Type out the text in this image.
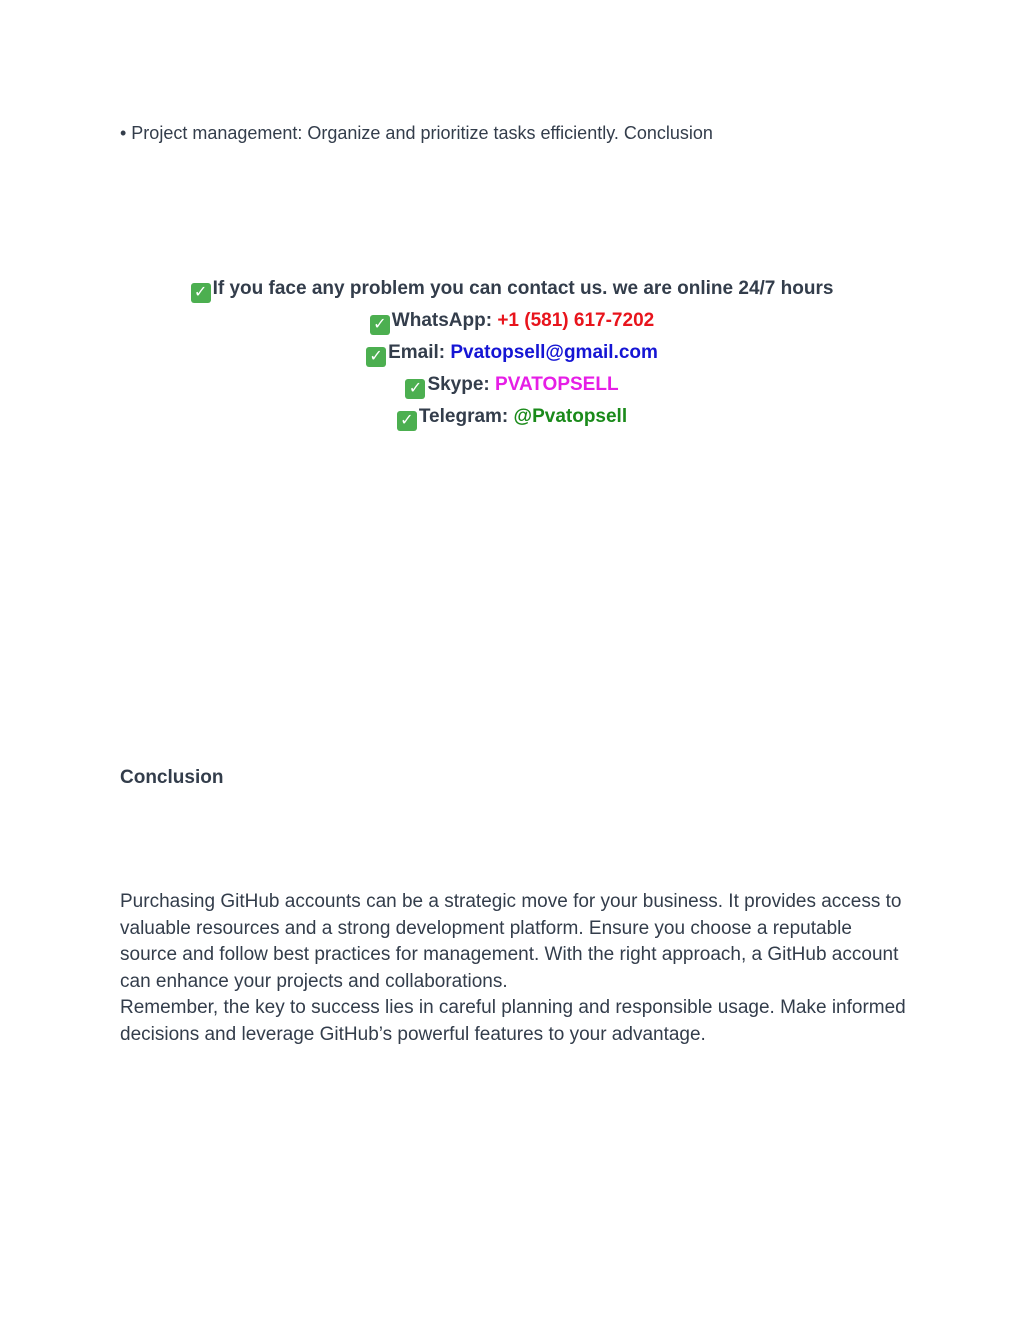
• Project management: Organize and prioritize tasks efficiently. Conclusion
✓ If you face any problem you can contact us. we are online 24/7 hours
✓ WhatsApp: +1 (581) 617-7202
✓ Email: Pvatopsell@gmail.com
✓ Skype: PVATOPSELL
✓ Telegram: @Pvatopsell
Conclusion

Purchasing GitHub accounts can be a strategic move for your business. It provides access to valuable resources and a strong development platform. Ensure you choose a reputable source and follow best practices for management. With the right approach, a GitHub account can enhance your projects and collaborations.

Remember, the key to success lies in careful planning and responsible usage. Make informed decisions and leverage GitHub’s powerful features to your advantage.
